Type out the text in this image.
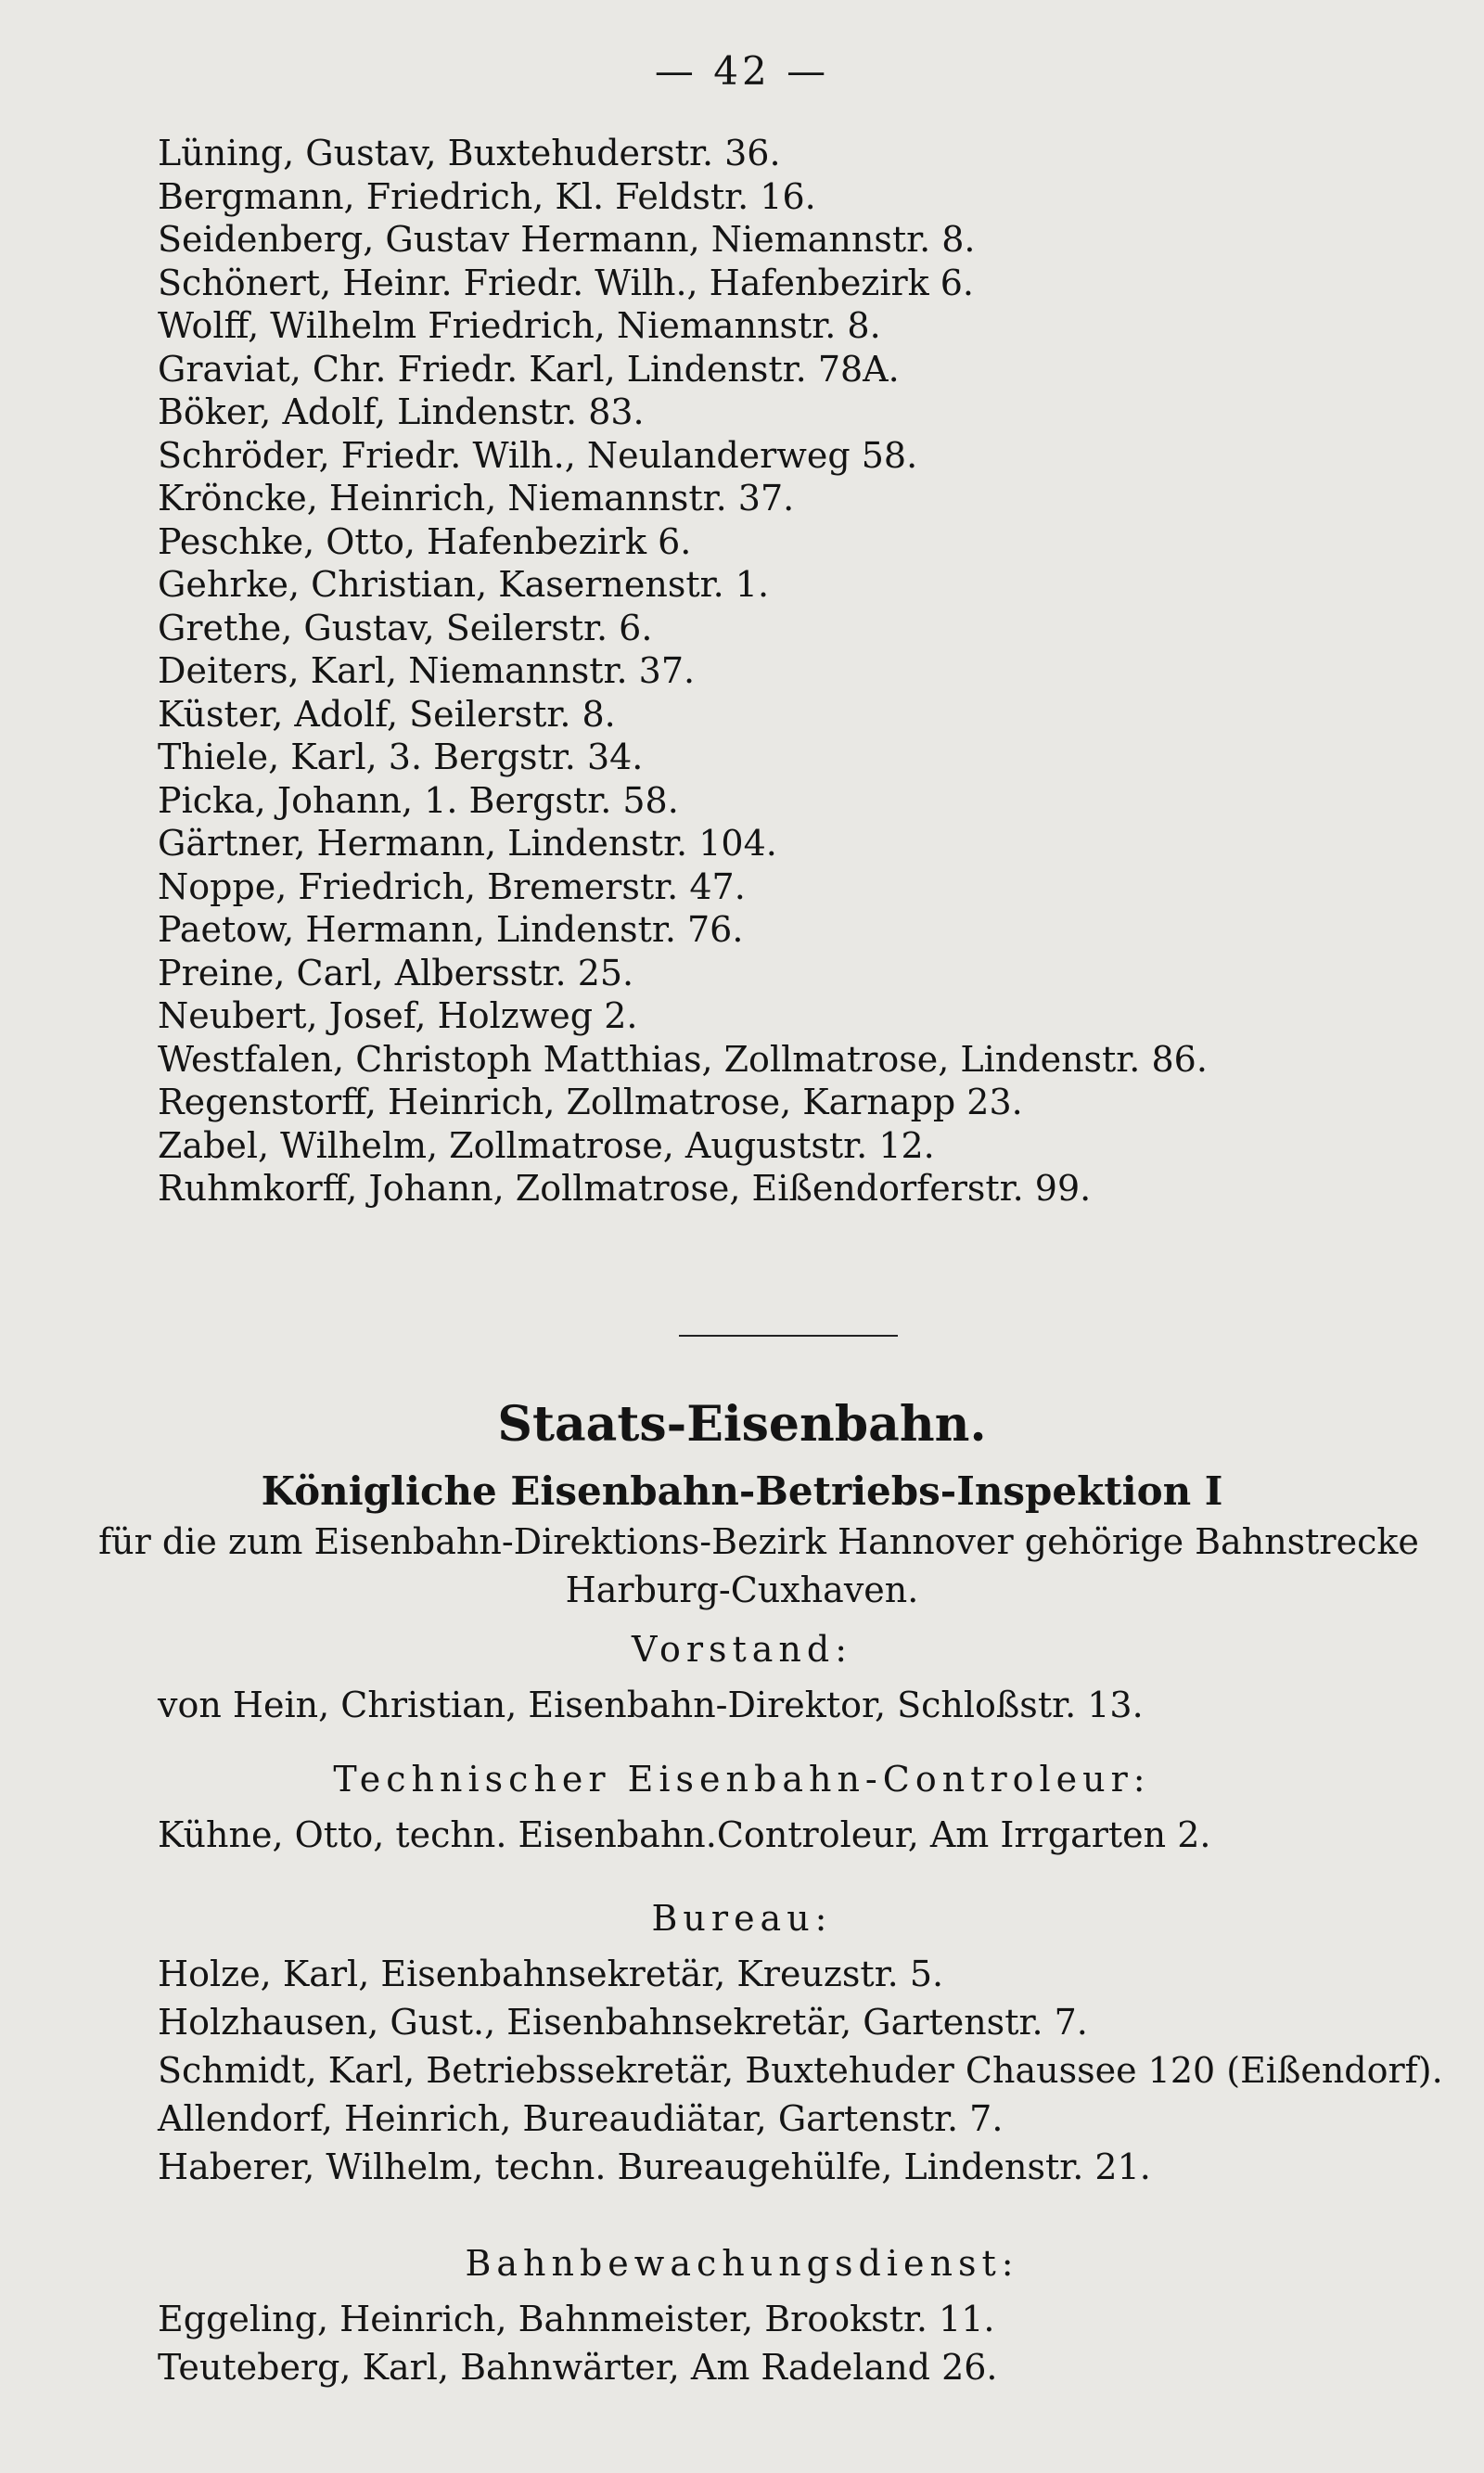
— 42 —
Lüning, Gustav, Buxtehuderstr. 36.
Bergmann, Friedrich, Kl. Feldstr. 16.
Seidenberg, Gustav Hermann, Niemannstr. 8.
Schönert, Heinr. Friedr. Wilh., Hafenbezirk 6.
Wolff, Wilhelm Friedrich, Niemannstr. 8.
Graviat, Chr. Friedr. Karl, Lindenstr. 78A.
Böker, Adolf, Lindenstr. 83.
Schröder, Friedr. Wilh., Neulanderweg 58.
Kröncke, Heinrich, Niemannstr. 37.
Peschke, Otto, Hafenbezirk 6.
Gehrke, Christian, Kasernenstr. 1.
Grethe, Gustav, Seilerstr. 6.
Deiters, Karl, Niemannstr. 37.
Küster, Adolf, Seilerstr. 8.
Thiele, Karl, 3. Bergstr. 34.
Picka, Johann, 1. Bergstr. 58.
Gärtner, Hermann, Lindenstr. 104.
Noppe, Friedrich, Bremerstr. 47.
Paetow, Hermann, Lindenstr. 76.
Preine, Carl, Albersstr. 25.
Neubert, Josef, Holzweg 2.
Westfalen, Christoph Matthias, Zollmatrose, Lindenstr. 86.
Regenstorff, Heinrich, Zollmatrose, Karnapp 23.
Zabel, Wilhelm, Zollmatrose, Auguststr. 12.
Ruhmkorff, Johann, Zollmatrose, Eißendorferstr. 99.
Staats-Eisenbahn.
Königliche Eisenbahn-Betriebs-Inspektion I
für die zum Eisenbahn-Direktions-Bezirk Hannover gehörige Bahnstrecke
Harburg-Cuxhaven.
Vorstand:
von Hein, Christian, Eisenbahn-Direktor, Schloßstr. 13.
Technischer Eisenbahn-Controleur:
Kühne, Otto, techn. Eisenbahn.Controleur, Am Irrgarten 2.
Bureau:
Holze, Karl, Eisenbahnsekretär, Kreuzstr. 5.
Holzhausen, Gust., Eisenbahnsekretär, Gartenstr. 7.
Schmidt, Karl, Betriebssekretär, Buxtehuder Chaussee 120 (Eißendorf).
Allendorf, Heinrich, Bureaudiätar, Gartenstr. 7.
Haberer, Wilhelm, techn. Bureaugehülfe, Lindenstr. 21.
Bahnbewachungsdienst:
Eggeling, Heinrich, Bahnmeister, Brookstr. 11.
Teuteberg, Karl, Bahnwärter, Am Radeland 26.
